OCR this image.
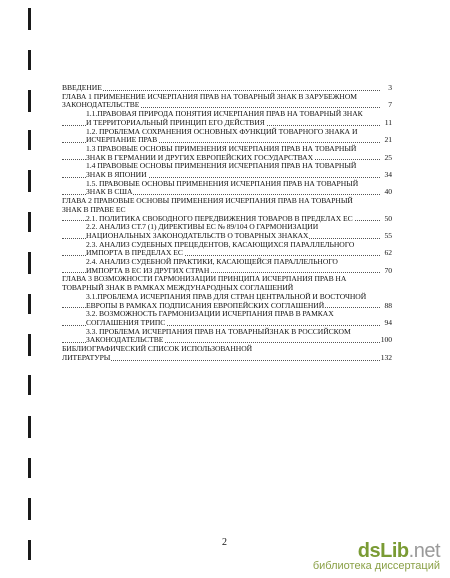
ВВЕДЕНИЕ	3
ГЛАВА 1 ПРИМЕНЕНИЕ ИСЧЕРПАНИЯ ПРАВ НА ТОВАРНЫЙ ЗНАК В ЗАРУБЕЖНОМ
ЗАКОНОДАТЕЛЬСТВЕ	7
1.1.ПРАВОВАЯ ПРИРОДА ПОНЯТИЯ ИСЧЕРПАНИЯ ПРАВ НА ТОВАРНЫЙ ЗНАК
И ТЕРРИТОРИАЛЬНЫЙ ПРИНЦИП ЕГО ДЕЙСТВИЯ	11
1.2. ПРОБЛЕМА СОХРАНЕНИЯ ОСНОВНЫХ ФУНКЦИЙ ТОВАРНОГО ЗНАКА И
ИСЧЕРПАНИЕ ПРАВ	21
1.3 ПРАВОВЫЕ ОСНОВЫ ПРИМЕНЕНИЯ ИСЧЕРПАНИЯ ПРАВ НА ТОВАРНЫЙ
ЗНАК В ГЕРМАНИИ И ДРУГИХ ЕВРОПЕЙСКИХ ГОСУДАРСТВАХ	25
1.4 ПРАВОВЫЕ ОСНОВЫ ПРИМЕНЕНИЯ ИСЧЕРПАНИЯ ПРАВ НА ТОВАРНЫЙ
ЗНАК В ЯПОНИИ	34
1.5. ПРАВОВЫЕ ОСНОВЫ ПРИМЕНЕНИЯ ИСЧЕРПАНИЯ ПРАВ НА ТОВАРНЫЙ
ЗНАК В США	40
ГЛАВА 2 ПРАВОВЫЕ ОСНОВЫ ПРИМЕНЕНИЯ ИСЧЕРПАНИЯ ПРАВ НА ТОВАРНЫЙ
ЗНАК В ПРАВЕ ЕС
2.1. ПОЛИТИКА СВОБОДНОГО ПЕРЕДВИЖЕНИЯ ТОВАРОВ В ПРЕДЕЛАХ ЕС	50
2.2. АНАЛИЗ СТ.7 (1) ДИРЕКТИВЫ ЕС № 89/104 О ГАРМОНИЗАЦИИ
НАЦИОНАЛЬНЫХ ЗАКОНОДАТЕЛЬСТВ О ТОВАРНЫХ ЗНАКАХ	55
2.3. АНАЛИЗ СУДЕБНЫХ ПРЕЦЕДЕНТОВ, КАСАЮЩИХСЯ ПАРАЛЛЕЛЬНОГО
ИМПОРТА В ПРЕДЕЛАХ ЕС	62
2.4. АНАЛИЗ СУДЕБНОЙ ПРАКТИКИ, КАСАЮЩЕЙСЯ ПАРАЛЛЕЛЬНОГО
ИМПОРТА В ЕС ИЗ ДРУГИХ СТРАН	70
ГЛАВА 3 ВОЗМОЖНОСТИ ГАРМОНИЗАЦИИ ПРИНЦИПА ИСЧЕРПАНИЯ ПРАВ НА
ТОВАРНЫЙ ЗНАК В РАМКАХ МЕЖДУНАРОДНЫХ СОГЛАШЕНИЙ
3.1.ПРОБЛЕМА ИСЧЕРПАНИЯ ПРАВ ДЛЯ СТРАН ЦЕНТРАЛЬНОЙ И ВОСТОЧНОЙ
ЕВРОПЫ В РАМКАХ ПОДПИСАНИЯ ЕВРОПЕЙСКИХ СОГЛАШЕНИЙ	88
3.2. ВОЗМОЖНОСТЬ ГАРМОНИЗАЦИИ ИСЧЕРПАНИЯ ПРАВ В РАМКАХ
СОГЛАШЕНИЯ ТРИПС	94
3.3. ПРОБЛЕМА ИСЧЕРПАНИЯ ПРАВ НА ТОВАРНЫЙЗНАК В РОССИЙСКОМ
ЗАКОНОДАТЕЛЬСТВЕ	100
БИБЛИОГРАФИЧЕСКИЙ СПИСОК ИСПОЛЬЗОВАННОЙ
ЛИТЕРАТУРЫ	132
2	dsLib.net
библиотека диссертаций
